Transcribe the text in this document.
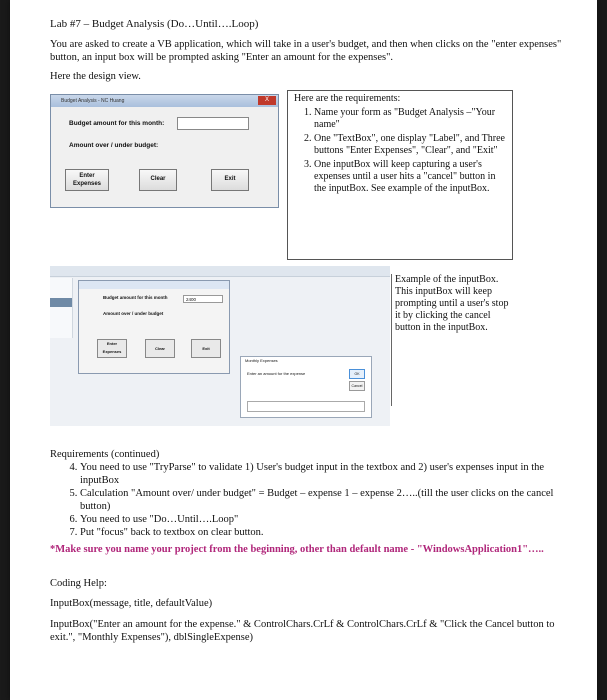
Lab #7 – Budget Analysis (Do…Until….Loop)

You are asked to create a VB application, which will take in a user's budget, and then when clicks on the "enter expenses" button, an input box will be prompted asking "Enter an amount for the expenses".

Here the design view.

Budget Analysis - NC Huang	X
Budget amount for this month:
Amount over / under budget:
Enter
Expenses
Clear	Exit
Here are the requirements:
1. Name your form as "Budget Analysis –"Your name"
2. One "TextBox", one display "Label", and Three buttons "Enter Expenses", "Clear", and "Exit"
3. One inputBox will keep capturing a user's expenses until a user hits a "cancel" button in the inputBox. See example of the inputBox.
Budget amount for this month	2400
Amount over / under budget
Enter Expenses
Clear	Exit
Monthly Expenses
Enter an amount for the expense	OK
Cancel
Example of the inputBox. This inputBox will keep prompting until a user's stop it by clicking the cancel button in the inputBox.

Requirements (continued)

4. You need to use "TryParse" to validate 1) User's budget input in the textbox and 2) user's expenses input in the inputBox
5. Calculation "Amount over/ under budget" = Budget – expense 1 – expense 2…..(till the user clicks on the cancel button)
6. You need to use "Do…Until….Loop"
7. Put "focus" back to textbox on clear button.

*Make sure you name your project from the beginning, other than default name - "WindowsApplication1"…..

Coding Help:

InputBox(message, title, defaultValue)

InputBox("Enter an amount for the expense." & ControlChars.CrLf & ControlChars.CrLf & "Click the Cancel button to exit.", "Monthly Expenses"), dblSingleExpense)
